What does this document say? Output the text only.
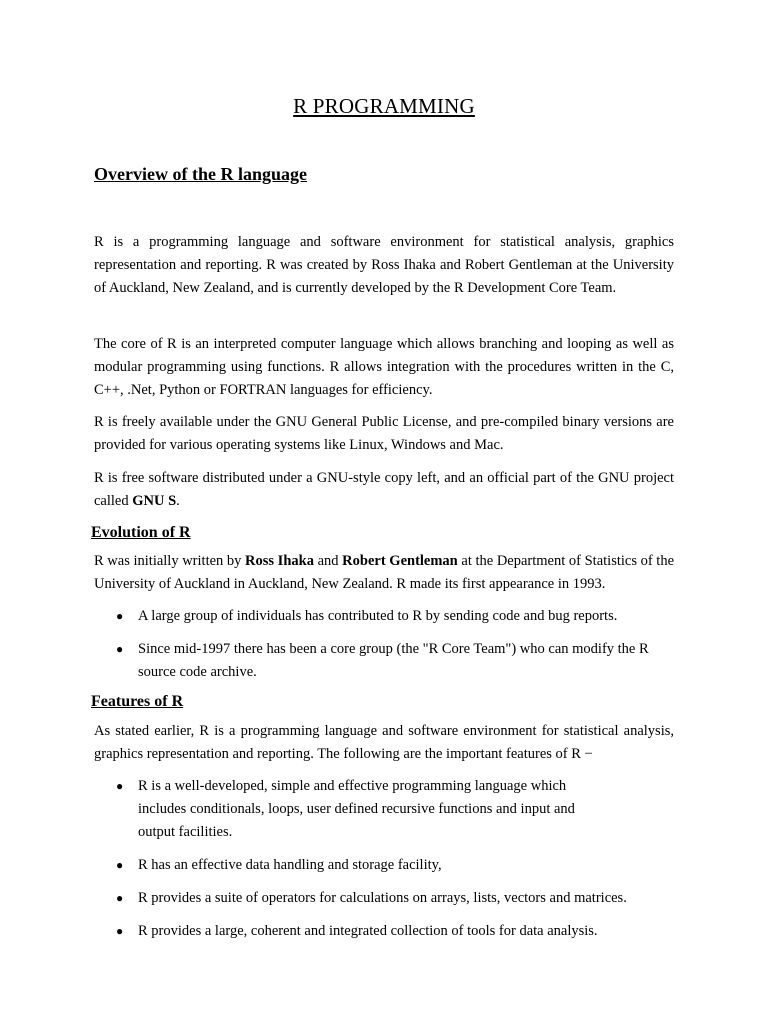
R PROGRAMMING
Overview of the R language

R is a programming language and software environment for statistical analysis, graphics representation and reporting. R was created by Ross Ihaka and Robert Gentleman at the University of Auckland, New Zealand, and is currently developed by the R Development Core Team.

The core of R is an interpreted computer language which allows branching and looping as well as modular programming using functions. R allows integration with the procedures written in the C, C++, .Net, Python or FORTRAN languages for efficiency.

R is freely available under the GNU General Public License, and pre-compiled binary versions are provided for various operating systems like Linux, Windows and Mac.

R is free software distributed under a GNU-style copy left, and an official part of the GNU project called GNU S.

Evolution of R

R was initially written by Ross Ihaka and Robert Gentleman at the Department of Statistics of the University of Auckland in Auckland, New Zealand. R made its first appearance in 1993.

● A large group of individuals has contributed to R by sending code and bug reports.
● Since mid-1997 there has been a core group (the "R Core Team") who can modify the R source code archive.
Features of R

As stated earlier, R is a programming language and software environment for statistical analysis, graphics representation and reporting. The following are the important features of R −

● R is a well-developed, simple and effective programming language which includes conditionals, loops, user defined recursive functions and input and output facilities.
● R has an effective data handling and storage facility,
● R provides a suite of operators for calculations on arrays, lists, vectors and matrices.
● R provides a large, coherent and integrated collection of tools for data analysis.
